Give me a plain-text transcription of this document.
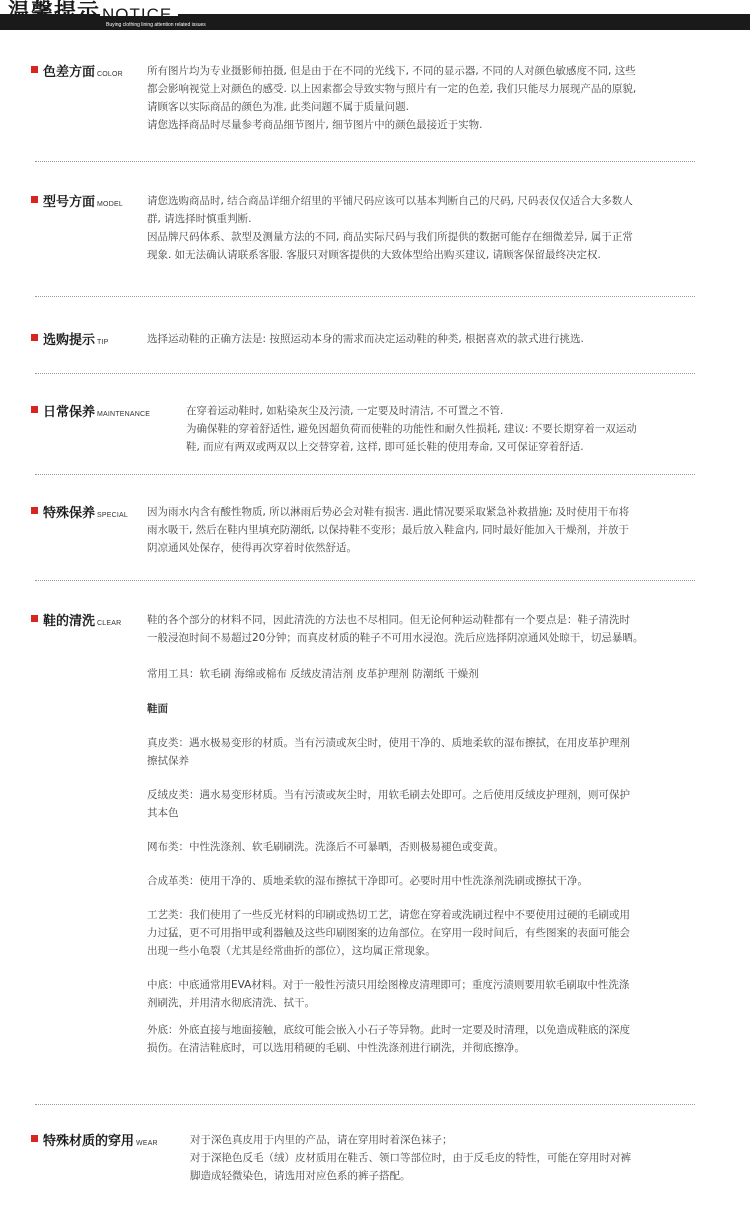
温馨提示 NOTICE
Buying clothing lining attention related issues
色差方面 COLOR 所有图片均为专业摄影师拍摄, 但是由于在不同的光线下, 不同的显示器, 不同的人对颜色敏感度不同, 这些

都会影响视觉上对颜色的感受. 以上因素都会导致实物与照片有一定的色差, 我们只能尽力展现产品的原貌,

请顾客以实际商品的颜色为准, 此类问题不属于质量问题.

请您选择商品时尽量参考商品细节图片, 细节图片中的颜色最接近于实物.

型号方面 MODEL 请您选购商品时, 结合商品详细介绍里的平铺尺码应该可以基本判断自己的尺码, 尺码表仅仅适合大多数人

群, 请选择时慎重判断.

因品牌尺码体系、款型及测量方法的不同, 商品实际尺码与我们所提供的数据可能存在细微差异, 属于正常

现象. 如无法确认请联系客服. 客服只对顾客提供的大致体型给出购买建议, 请顾客保留最终决定权.

选购提示 TIP	选择运动鞋的正确方法是: 按照运动本身的需求而决定运动鞋的种类, 根据喜欢的款式进行挑选.

日常保养 MAINTENANCE	在穿着运动鞋时, 如粘染灰尘及污渍, 一定要及时清洁, 不可置之不管.

为确保鞋的穿着舒适性, 避免因超负荷而使鞋的功能性和耐久性损耗, 建议: 不要长期穿着一双运动

鞋, 而应有两双或两双以上交替穿着, 这样, 即可延长鞋的使用寿命, 又可保证穿着舒适.

特殊保养 SPECIAL 因为雨水内含有酸性物质, 所以淋雨后势必会对鞋有损害. 遇此情况要采取紧急补救措施; 及时使用干布将

雨水吸干, 然后在鞋内里填充防潮纸, 以保持鞋不变形；最后放入鞋盒内, 同时最好能加入干燥剂，并放于

阴凉通风处保存，使得再次穿着时依然舒适。

鞋的清洗 CLEAR 鞋的各个部分的材料不同，因此清洗的方法也不尽相同。但无论何种运动鞋都有一个要点是：鞋子清洗时

一般浸泡时间不易超过20分钟；而真皮材质的鞋子不可用水浸泡。洗后应选择阴凉通风处晾干，切忌暴晒。

常用工具：软毛刷 海绵或棉布 反绒皮清洁剂 皮革护理剂 防潮纸 干燥剂

鞋面

真皮类：遇水极易变形的材质。当有污渍或灰尘时，使用干净的、质地柔软的湿布擦拭，在用皮革护理剂

擦拭保养

反绒皮类：遇水易变形材质。当有污渍或灰尘时，用软毛刷去处即可。之后使用反绒皮护理剂，则可保护

其本色

网布类：中性洗涤剂、软毛刷刷洗。洗涤后不可暴晒，否则极易褪色或变黄。

合成革类：使用干净的、质地柔软的湿布擦拭干净即可。必要时用中性洗涤剂洗刷或擦拭干净。

工艺类：我们使用了一些反光材料的印刷或热切工艺，请您在穿着或洗刷过程中不要使用过硬的毛刷或用

力过猛，更不可用指甲或利器触及这些印刷图案的边角部位。在穿用一段时间后，有些图案的表面可能会

出现一些小龟裂（尤其是经常曲折的部位），这均属正常现象。

中底：中底通常用EVA材料。对于一般性污渍只用绘图橡皮清理即可；重度污渍则要用软毛刷取中性洗涤

剂刷洗，并用清水彻底清洗、拭干。

外底：外底直接与地面接触，底纹可能会嵌入小石子等异物。此时一定要及时清理，以免造成鞋底的深度

损伤。在清洁鞋底时，可以选用稍硬的毛刷、中性洗涤剂进行刷洗，并彻底擦净。

特殊材质的穿用 WEAR	对于深色真皮用于内里的产品，请在穿用时着深色袜子；

对于深艳色反毛（绒）皮材质用在鞋舌、领口等部位时，由于反毛皮的特性，可能在穿用时对裤

脚造成轻微染色，请选用对应色系的裤子搭配。
